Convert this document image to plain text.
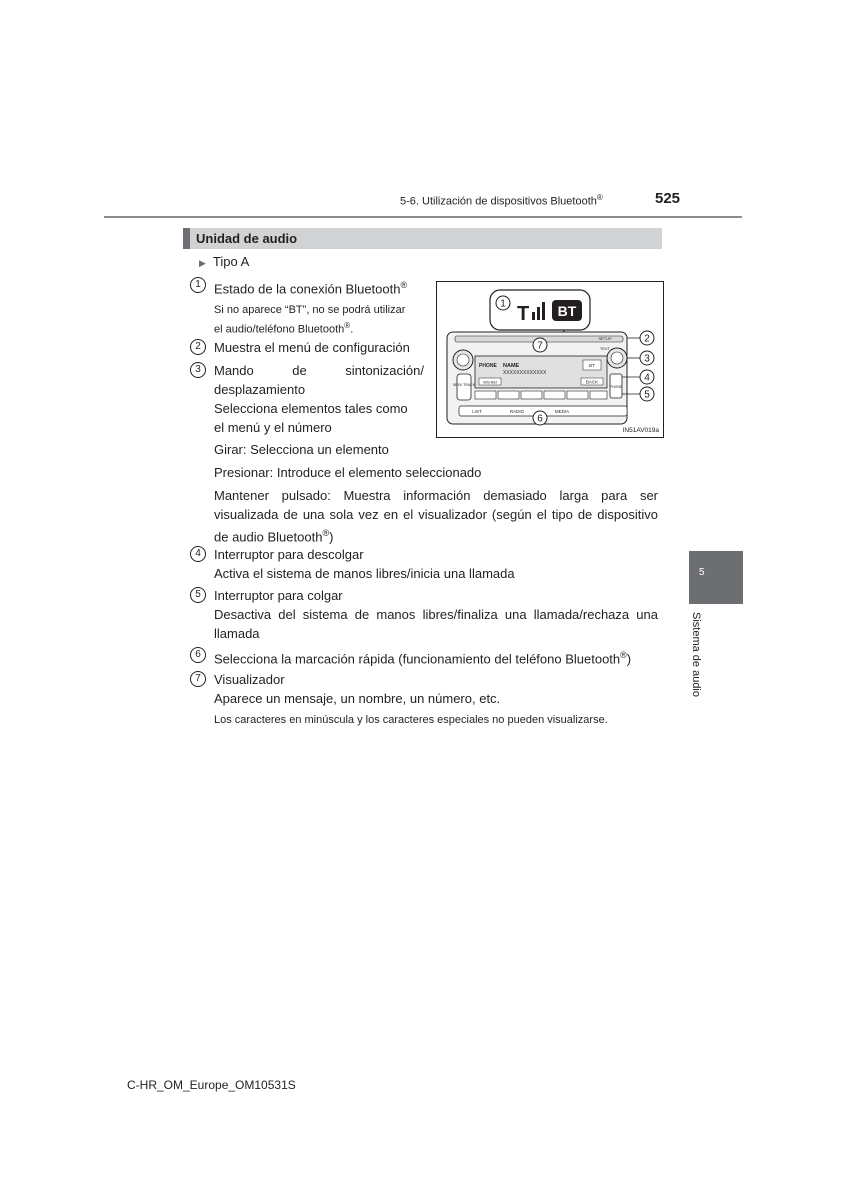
5-6. Utilización de dispositivos Bluetooth®	525
Unidad de audio
5
Sistema de audio
▶ Tipo A
1	Estado de la conexión Bluetooth®
Si no aparece “BT”, no se podrá utilizar
el audio/teléfono Bluetooth®.
2	Muestra el menú de configuración
3	Mando	de	sintonización/
desplazamiento
Selecciona elementos tales como
el menú y el número
Girar: Selecciona un elemento
Presionar: Introduce el elemento seleccionado
Mantener pulsado: Muestra información demasiado larga para ser
visualizada de una sola vez en el visualizador (según el tipo de dispositivo
de audio Bluetooth®)
4	Interruptor para descolgar
Activa el sistema de manos libres/inicia una llamada
5	Interruptor para colgar
Desactiva del sistema de manos libres/finaliza una llamada/rechaza una
llamada
6	Selecciona la marcación rápida (funcionamiento del teléfono Bluetooth®)
7	Visualizador
Aparece un mensaje, un nombre, un número, etc.
Los caracteres en minúscula y los caracteres especiales no pueden visualizarse.
1 T BT
SETUP
TEXT
SEEK TRACK
PHONE NAME
XXXXXXXXXXXXX
BT
WS-Bld	BACK
PHONE
LIST	RADIO	MEDIA
2
3
4
5
7
6
IN51AV019a
C-HR_OM_Europe_OM10531S
